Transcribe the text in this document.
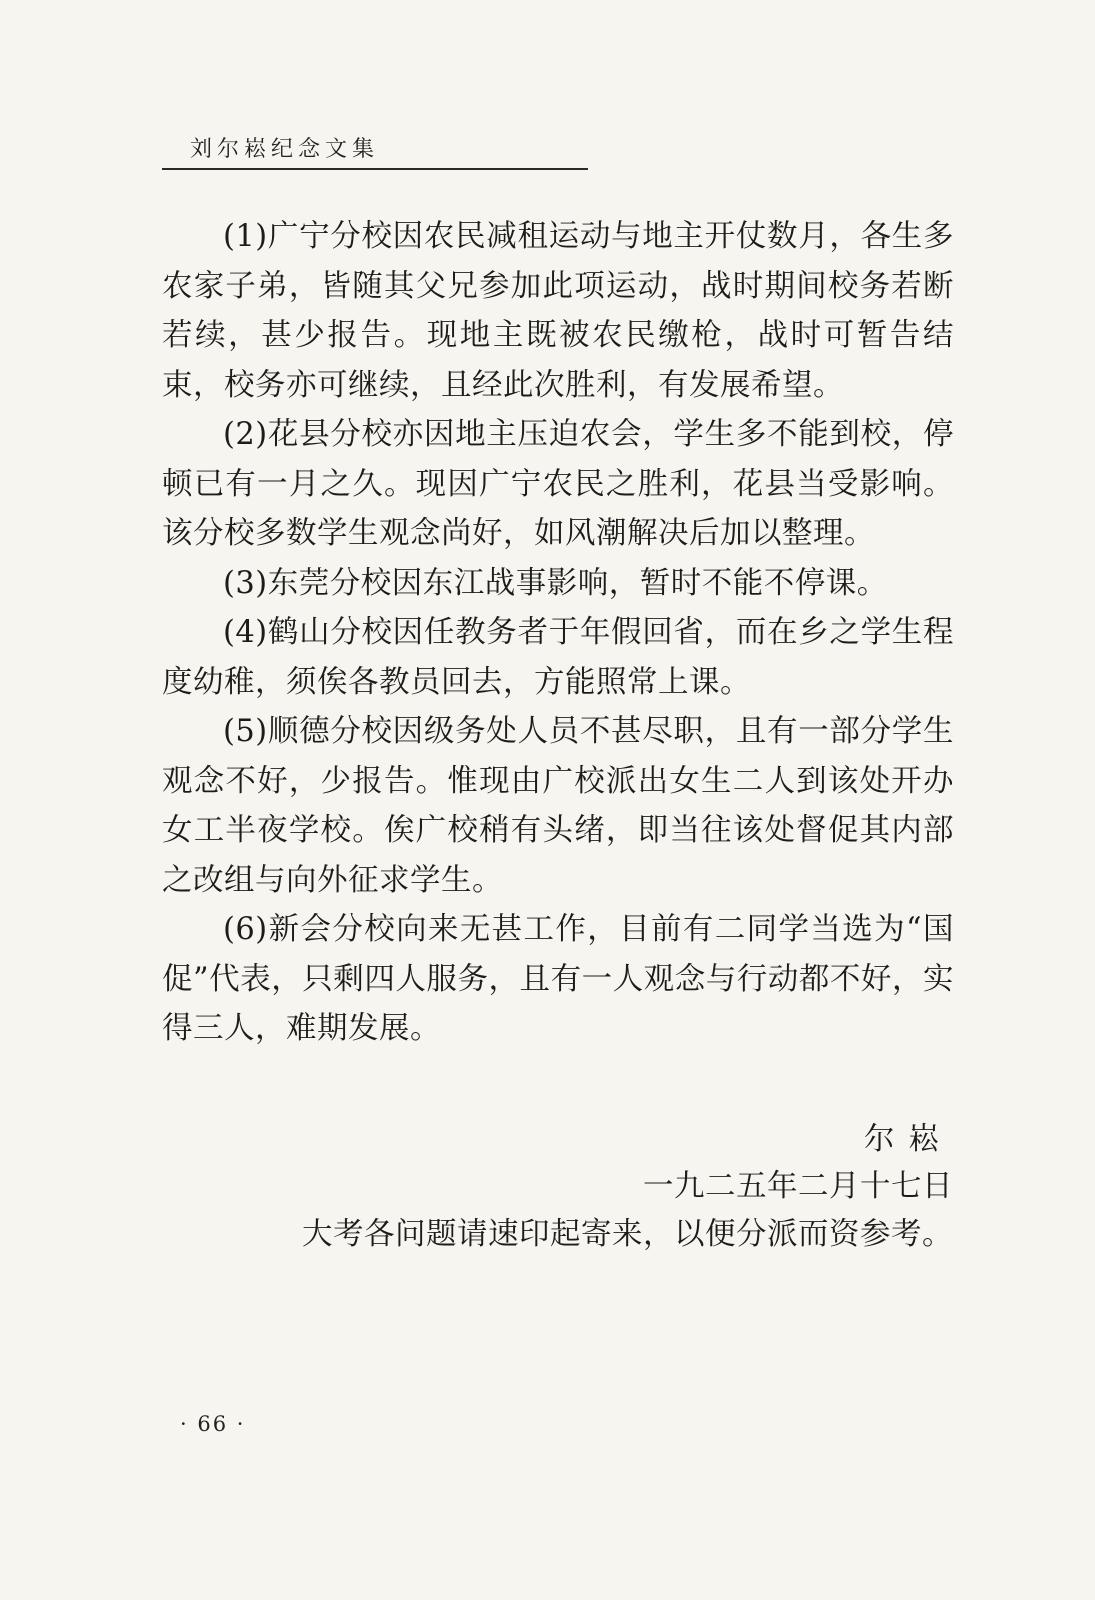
刘尔崧纪念文集

(1)广宁分校因农民减租运动与地主开仗数月，各生多农家子弟，皆随其父兄参加此项运动，战时期间校务若断若续，甚少报告。现地主既被农民缴枪，战时可暂告结束，校务亦可继续，且经此次胜利，有发展希望。

(2)花县分校亦因地主压迫农会，学生多不能到校，停顿已有一月之久。现因广宁农民之胜利，花县当受影响。该分校多数学生观念尚好，如风潮解决后加以整理。

(3)东莞分校因东江战事影响，暂时不能不停课。

(4)鹤山分校因任教务者于年假回省，而在乡之学生程度幼稚，须俟各教员回去，方能照常上课。

(5)顺德分校因级务处人员不甚尽职，且有一部分学生观念不好，少报告。惟现由广校派出女生二人到该处开办女工半夜学校。俟广校稍有头绪，即当往该处督促其内部之改组与向外征求学生。

(6)新会分校向来无甚工作，目前有二同学当选为“国促”代表，只剩四人服务，且有一人观念与行动都不好，实得三人，难期发展。

尔崧
一九二五年二月十七日
大考各问题请速印起寄来，以便分派而资参考。
· 66 ·
